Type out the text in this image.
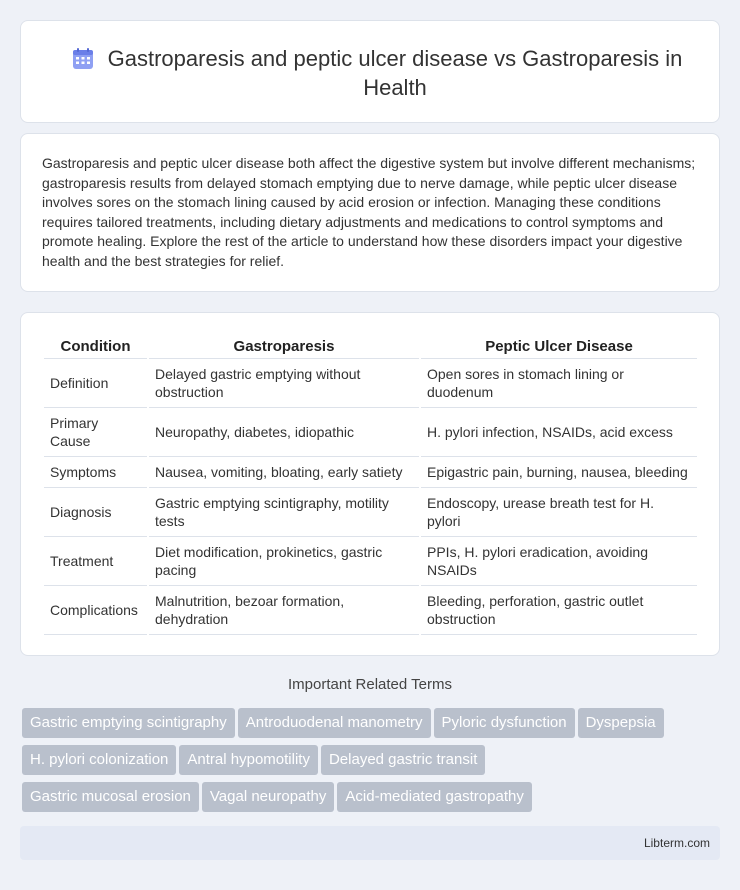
Gastroparesis and peptic ulcer disease vs Gastroparesis in Health

Gastroparesis and peptic ulcer disease both affect the digestive system but involve different mechanisms; gastroparesis results from delayed stomach emptying due to nerve damage, while peptic ulcer disease involves sores on the stomach lining caused by acid erosion or infection. Managing these conditions requires tailored treatments, including dietary adjustments and medications to control symptoms and promote healing. Explore the rest of the article to understand how these disorders impact your digestive health and the best strategies for relief.

Condition	Gastroparesis	Peptic Ulcer Disease
Definition	Delayed gastric emptying without obstruction	Open sores in stomach lining or duodenum
Primary Cause	Neuropathy, diabetes, idiopathic	H. pylori infection, NSAIDs, acid excess
Symptoms	Nausea, vomiting, bloating, early satiety	Epigastric pain, burning, nausea, bleeding
Diagnosis	Gastric emptying scintigraphy, motility tests	Endoscopy, urease breath test for H. pylori
Treatment	Diet modification, prokinetics, gastric pacing	PPIs, H. pylori eradication, avoiding NSAIDs
Complications	Malnutrition, bezoar formation, dehydration	Bleeding, perforation, gastric outlet obstruction
Important Related Terms
Gastric emptying scintigraphy Antroduodenal manometry Pyloric dysfunction Dyspepsia
H. pylori colonization Antral hypomotility Delayed gastric transit
Gastric mucosal erosion Vagal neuropathy Acid-mediated gastropathy
Libterm.com
